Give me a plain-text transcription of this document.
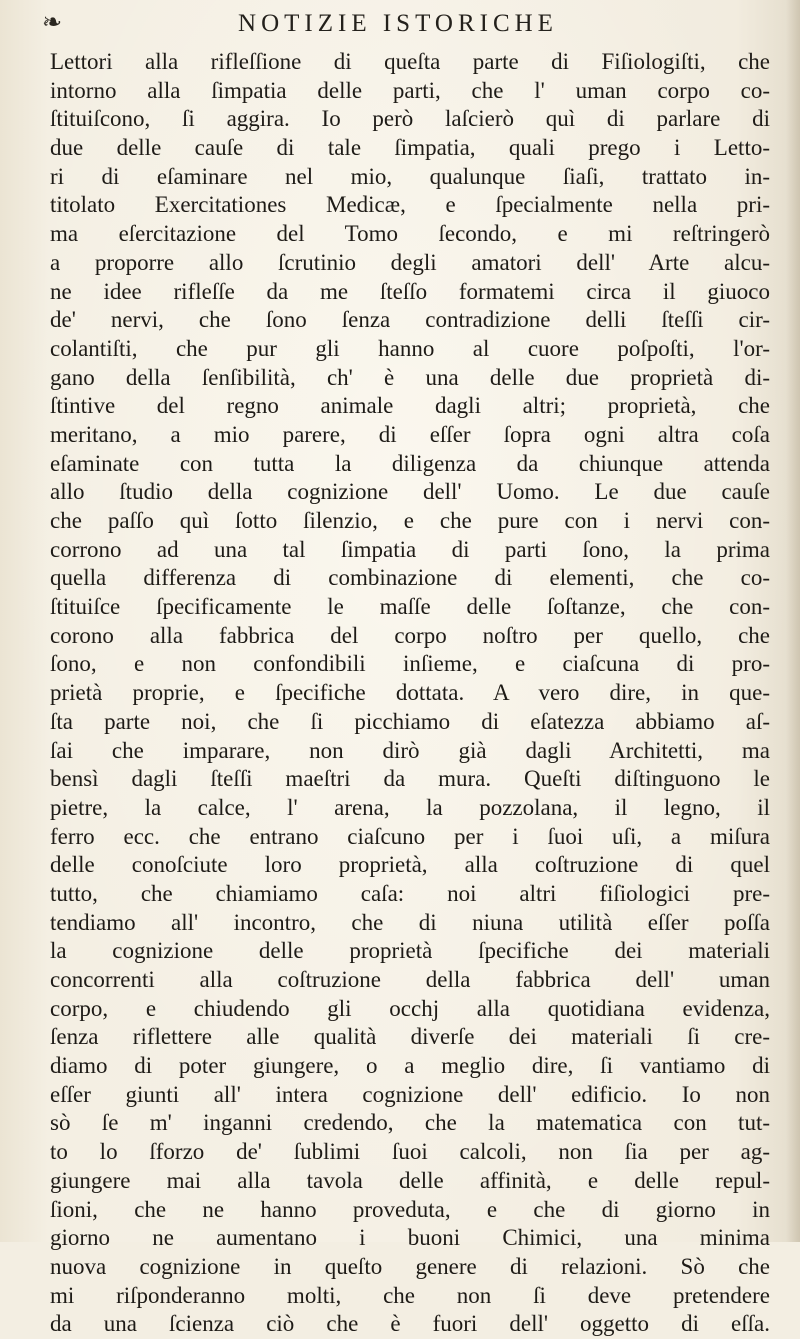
❧	NOTIZIE ISTORICHE
Lettori alla rifleſſione di queſta parte di Fiſiologiſti, che
intorno alla ſimpatia delle parti, che l' uman corpo co-
ſtituiſcono, ſi aggira. Io però laſcierò quì di parlare di
due delle cauſe di tale ſimpatia, quali prego i Letto-
ri di eſaminare nel mio, qualunque ſiaſi, trattato in-
titolato Exercitationes Medicæ, e ſpecialmente nella pri-
ma eſercitazione del Tomo ſecondo, e mi reſtringerò
a proporre allo ſcrutinio degli amatori dell' Arte alcu-
ne idee rifleſſe da me ſteſſo formatemi circa il giuoco
de' nervi, che ſono ſenza contradizione delli ſteſſi cir-
colantiſti, che pur gli hanno al cuore poſpoſti, l'or-
gano della ſenſibilità, ch' è una delle due proprietà di-
ſtintive del regno animale dagli altri; proprietà, che
meritano, a mio parere, di eſſer ſopra ogni altra coſa
eſaminate con tutta la diligenza da chiunque attenda
allo ſtudio della cognizione dell' Uomo. Le due cauſe
che paſſo quì ſotto ſilenzio, e che pure con i nervi con-
corrono ad una tal ſimpatia di parti ſono, la prima
quella differenza di combinazione di elementi, che co-
ſtituiſce ſpecificamente le maſſe delle ſoſtanze, che con-
corono alla fabbrica del corpo noſtro per quello, che
ſono, e non confondibili inſieme, e ciaſcuna di pro-
prietà proprie, e ſpecifiche dottata. A vero dire, in que-
ſta parte noi, che ſi picchiamo di eſatezza abbiamo aſ-
ſai che imparare, non dirò già dagli Architetti, ma
bensì dagli ſteſſi maeſtri da mura. Queſti diſtinguono le
pietre, la calce, l' arena, la pozzolana, il legno, il
ferro ecc. che entrano ciaſcuno per i ſuoi uſi, a miſura
delle conoſciute loro proprietà, alla coſtruzione di quel
tutto, che chiamiamo caſa: noi altri fiſiologici pre-
tendiamo all' incontro, che di niuna utilità eſſer poſſa
la cognizione delle proprietà ſpecifiche dei materiali
concorrenti alla coſtruzione della fabbrica dell' uman
corpo, e chiudendo gli occhj alla quotidiana evidenza,
ſenza riflettere alle qualità diverſe dei materiali ſi cre-
diamo di poter giungere, o a meglio dire, ſi vantiamo di
eſſer giunti all' intera cognizione dell' edificio. Io non
sò ſe m' inganni credendo, che la matematica con tut-
to lo ſforzo de' ſublimi ſuoi calcoli, non ſia per ag-
giungere mai alla tavola delle affinità, e delle repul-
ſioni, che ne hanno proveduta, e che di giorno in
giorno ne aumentano i buoni Chimici, una minima
nuova cognizione in queſto genere di relazioni. Sò che
mi riſponderanno molti, che non ſi deve pretendere
da una ſcienza ciò che è fuori dell' oggetto di eſſa.
